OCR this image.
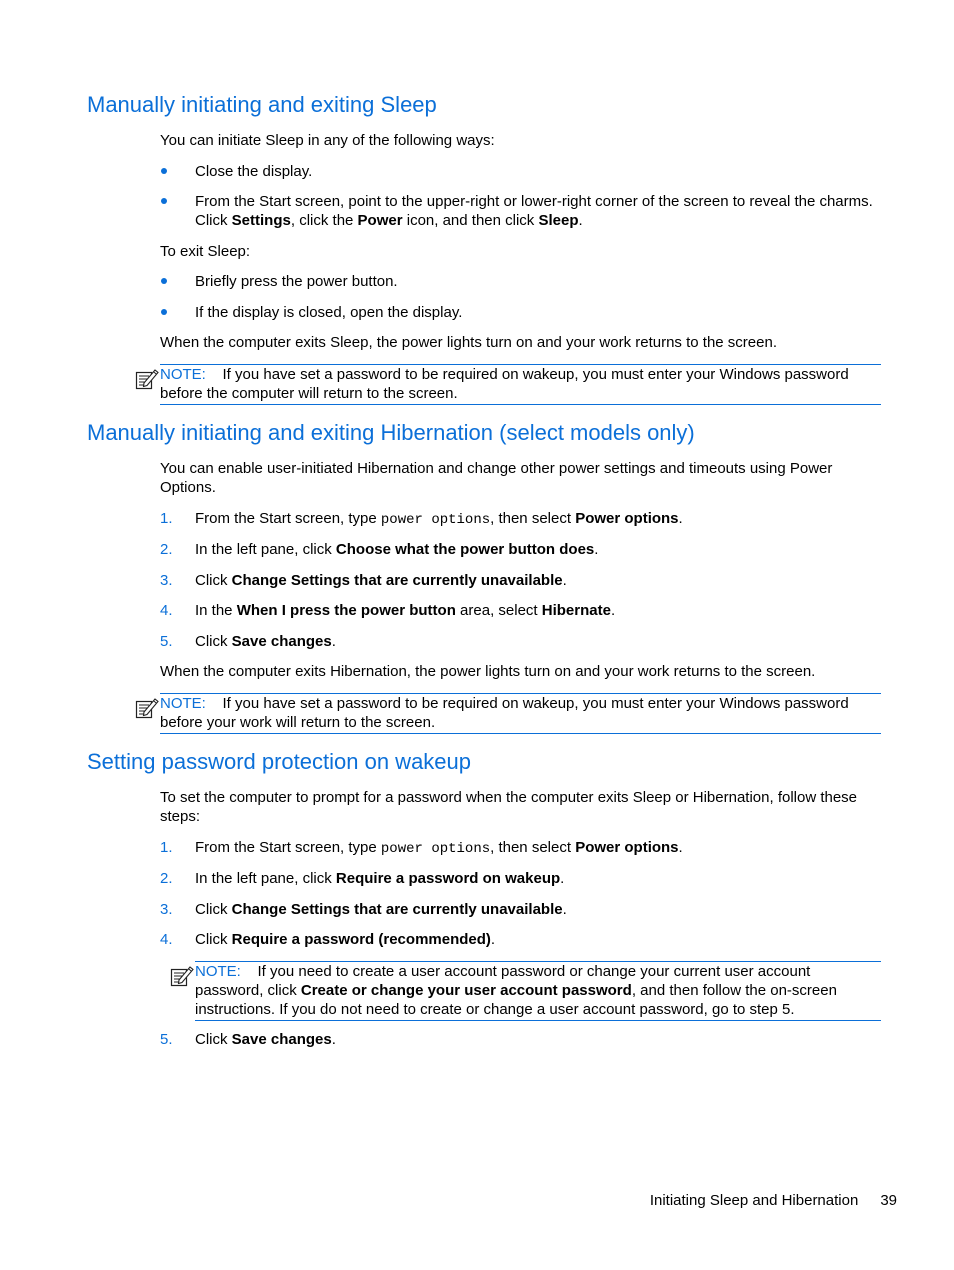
Manually initiating and exiting Sleep

You can initiate Sleep in any of the following ways:

Close the display.
From the Start screen, point to the upper-right or lower-right corner of the screen to reveal the charms. Click Settings, click the Power icon, and then click Sleep.

To exit Sleep:

Briefly press the power button.
If the display is closed, open the display.

When the computer exits Sleep, the power lights turn on and your work returns to the screen.

NOTE: If you have set a password to be required on wakeup, you must enter your Windows password before the computer will return to the screen.
Manually initiating and exiting Hibernation (select models only)

You can enable user-initiated Hibernation and change other power settings and timeouts using Power Options.

1. From the Start screen, type power options, then select Power options.
2. In the left pane, click Choose what the power button does.
3. Click Change Settings that are currently unavailable.
4. In the When I press the power button area, select Hibernate.
5. Click Save changes.

When the computer exits Hibernation, the power lights turn on and your work returns to the screen.

NOTE: If you have set a password to be required on wakeup, you must enter your Windows password before your work will return to the screen.
Setting password protection on wakeup

To set the computer to prompt for a password when the computer exits Sleep or Hibernation, follow these steps:

1. From the Start screen, type power options, then select Power options.
2. In the left pane, click Require a password on wakeup.
3. Click Change Settings that are currently unavailable.
4. Click Require a password (recommended).
NOTE: If you need to create a user account password or change your current user account password, click Create or change your user account password, and then follow the on-screen instructions. If you do not need to create or change a user account password, go to step 5.
5. Click Save changes.
Initiating Sleep and Hibernation 39
